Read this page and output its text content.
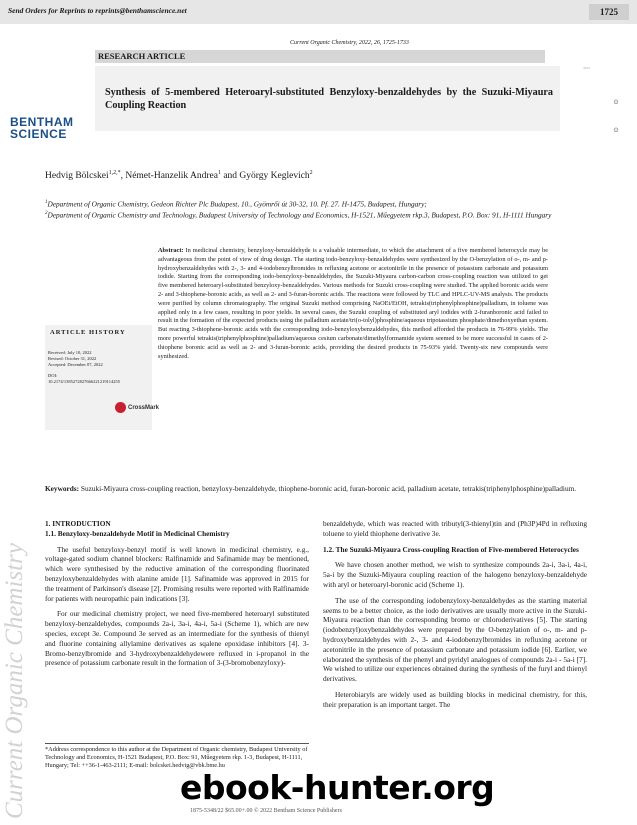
Send Orders for Reprints to reprints@benthamscience.net	1725
Current Organic Chemistry, 2022, 26, 1725-1733
RESEARCH ARTICLE
Synthesis of 5-membered Heteroaryl-substituted Benzyloxy-benzaldehydes by the Suzuki-Miyaura Coupling Reaction
BENTHAM
SCIENCE
3572
⊙
⊙
Hedvig Bölcskei$^{1,2,*}$, Német-Hanzelik Andrea$^1$ and György Keglevich$^2$
$^1$Department of Organic Chemistry, Gedeon Richter Plc Budapest, 10., Gyömrői út 30-32, 10. Pf. 27. H-1475, Budapest, Hungary;
$^2$Department of Organic Chemistry and Technology, Budapest University of Technology and Economics, H-1521, Műegyetem rkp.3, Budapest, P.O. Box: 91, H-1111 Hungary
Abstract: In medicinal chemistry, benzyloxy-benzaldehyde is a valuable intermediate, to which the attachment of a five membered heterocycle may be advantageous from the point of view of drug design. The starting iodo-benzyloxy-benzaldehydes were synthesized by the O-benzylation of o-, m- and p-hydroxybenzaldehydes with 2-, 3- and 4-iodobenzylbromides in refluxing acetone or acetonitrile in the presence of potassium carbonate and potassium iodide. Starting from the corresponding iodo-benzyloxy-benzaldehydes, the Suzuki-Miyaura carbon-carbon cross-coupling reaction was utilized to get five membered heteroaryl-substituted benzyloxy-benzaldehydes. Various methods for Suzuki cross-coupling were studied. The applied boronic acids were 2- and 3-thiophene-boronic acids, as well as 2- and 3-furan-boronic acids. The reactions were followed by TLC and HPLC-UV-MS analysis. The products were purified by column chromatography. The original Suzuki method comprising NaOEt/EtOH, tetrakis(triphenylphosphine)palladium, in toluene was applied only in a few cases, resulting in poor yields. In several cases, the Suzuki coupling of substituted aryl iodides with 2-furanboronic acid failed to result in the formation of the expected products using the palladium acetate/tri(o-tolyl)phosphine/aqueous tripotassium phosphate/dimethoxyethan system. But reacting 3-thiophene-boronic acids with the corresponding iodo-benzyloxybenzaldehydes, this method afforded the products in 76-99% yields. The more powerful tetrakis(triphenylphosphine)palladium/aqueous cesium carbonate/dimethylformamide system seemed to be more successful in cases of 2-thiophene boronic acid as well as 2- and 3-furan-boronic acids, providing the desired products in 75-93% yield. Twenty-six new compounds were synthesized.
ARTICLE HISTORY
Received: July 10, 2022
Revised: October 31, 2022
Accepted: December 07, 2022
DOI:
10.2174/1385272827666221219114255
CrossMark
Keywords: Suzuki-Miyaura cross-coupling reaction, benzyloxy-benzaldehyde, thiophene-boronic acid, furan-boronic acid, palladium acetate, tetrakis(triphenylphosphine)palladium.
Current Organic Chemistry

1. INTRODUCTION

1.1. Benzyloxy-benzaldehyde Motif in Medicinal Chemistry

The useful benzyloxy-benzyl motif is well known in medicinal chemistry, e.g., voltage-gated sodium channel blockers: Ralfinamide and Safinamide may be mentioned, which were synthesised by the reductive amination of the corresponding fluorinated benzyloxybenzaldehydes with alanine amide [1]. Safinamide was approved in 2015 for the treatment of Parkinson's disease [2]. Promising results were reported with Ralfinamide for patients with neuropathic pain indications [3].

For our medicinal chemistry project, we need five-membered heteroaryl substituted benzyloxy-benzaldehydes, compounds 2a-i, 3a-i, 4a-i, 5a-i (Scheme 1), which are new species, except 3e. Compound 3e served as an intermediate for the synthesis of thienyl and fluorine containing allylamine derivatives as sqalene epoxidase inhibitors [4]. 3-Bromo-benzylbromide and 3-hydroxybenzaldehydewere refluxed in i-propanol in the presence of potassium carbonate result in the formation of 3-(3-bromobenzyloxy)-

benzaldehyde, which was reacted with tributyl(3-thienyl)tin and (Ph3P)4Pd in refluxing toluene to yield thiophene derivative 3e.

1.2. The Suzuki-Miyaura Cross-coupling Reaction of Five-membered Heterocycles

We have chosen another method, we wish to synthesize compounds 2a-i, 3a-i, 4a-i, 5a-i by the Suzuki-Miyaura coupling reaction of the halogeno benzyloxy-benzaldehyde with aryl or heteroaryl-boronic acid (Scheme 1).

The use of the corresponding iodobenzyloxy-benzaldehydes as the starting material seems to be a better choice, as the iodo derivatives are usually more active in the Suzuki-Miyaura reaction than the corresponding bromo or chloroderivatives [5]. The starting (iodobenzyl)oxybenzaldehydes were prepared by the O-benzylation of o-, m- and p-hydroxybenzaldehydes with 2-, 3- and 4-iodobenzylbromides in refluxing acetone or acetonitrile in the presence of potassium carbonate and potassium iodide [6]. Earlier, we elaborated the synthesis of the phenyl and pyridyl analogues of compounds 2a-i - 5a-i [7]. We wished to utilize our experiences obtained during the synthesis of the furyl and thienyl derivatives.

Heterobiaryls are widely used as building blocks in medicinal chemistry, for this, their preparation is an important target. The

*Address correspondence to this author at the Department of Organic chemistry, Budapest University of Technology and Economics, H-1521 Budapest, P.O. Box: 91, Műegyetem rkp. 1-3, Budapest, H-1111, Hungary; Tel: ++36-1-463-2111; E-mail: bolcskei.hedvig@vbk.bme.hu
1875-5348/22 $65.00+.00 © 2022 Bentham Science Publishers
ebook-hunter.org
